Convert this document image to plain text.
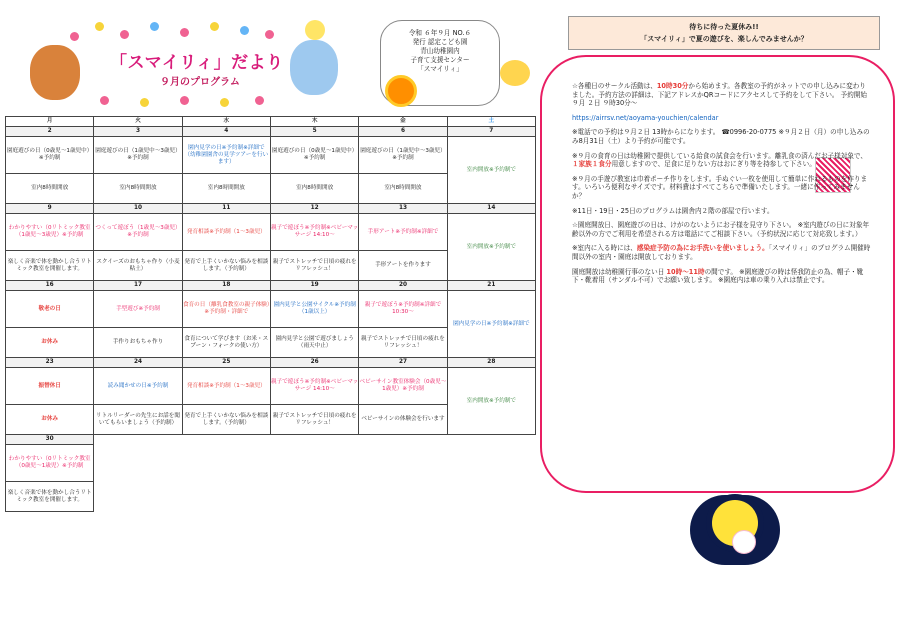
「スマイリィ」だより
９月のプログラム
令和 ６年９月 NO.６
発行 認定こども園
青山幼稚園内
子育て支援センター
「スマイリィ」
月	火	水	木	金	土
2	3	4	5	6	7
園庭遊びの日（0歳児〜1歳児中）※予約制	園庭遊びの日（1歳児中〜3歳児）※予約制	園内見学の日※予約制※詳細で（幼稚園園舎の見学ツアーを行います）	園庭遊びの日（0歳児〜1歳児中）※予約制	園庭遊びの日（1歳児中〜3歳児）※予約制	室内開放※予約制で
室内8時間開放	室内8時間開放	室内8時間開放	室内8時間開放	室内8時間開放	
9	10	11	12	13	14
わかりやすい（0リトミック教室（1歳児〜3歳児）※予約制	つくって遊ぼう（1歳児〜3歳児）※予約制	発育相談※予約制（1〜3歳児）	親子で遊ぼう※予約制※ベビーマッサージ 14:10〜	手形アート※予約制※詳細で	室内開放※予約制で
楽しく音楽で体を動かし合うリトミック教室を開催します。	スクイーズのおもちゃ作り（小麦粘土）	発育で上手くいかない悩みを相談します。（予約制）	親子でストレッチで日頃の疲れをリフレッシュ！	手形アートを作ります	
16	17	18	19	20	21
敬老の日	手型遊び※予約制	食育の日（離乳食教室の親子体験）※予約制・詳細で	園内見学と公園サイクル※予約制（1歳以上）	親子で遊ぼう※予約制※詳細で 10:30〜	園内見学の日※予約制※詳細で
お休み	手作りおもちゃ作り	食育について学びます（お米・スプーン・フォークの使い方）	園内見学と公園で遊びましょう（雨天中止）	親子でストレッチで日頃の疲れをリフレッシュ！	
23	24	25	26	27	28
振替休日	読み聞かせの日※予約制	発育相談※予約制（1〜3歳児）	親子で遊ぼう※予約制※ベビーマッサージ 14:10〜	ベビーサイン教室体験会（0歳児〜1歳児）※予約制	室内開放※予約制で
お休み	リトルリーダーの先生にお話を聞いてもらいましょう（予約制）	発育で上手くいかない悩みを相談します。（予約制）	親子でストレッチで日頃の疲れをリフレッシュ！	ベビーサインの体験会を行います	
30					
わかりやすい（0リトミック教室（0歳児〜1歳児）※予約制					
楽しく音楽で体を動かし合うリトミック教室を開催します。					
待ちに待った夏休み!!
「スマイリィ」で夏の遊びを、楽しんでみませんか？

☆各種日のサークル活動は、10時30分から始めます。各教室の予約がネットでの申し込みに変わりました。予約方法の詳細は、下記アドレスかQRコードにアクセスして予約をして下さい。 予約開始 ９月 ２日 ９時30分〜

https://airrsv.net/aoyama-youchien/calendar

※電話での予約は９月２日 13時からになります。 ☎0996-20-0775 ※９月２日（月）の申し込みのみ8月31日（土）より予約が可能です。

※９月の食育の日は幼稚園で提供している給食の試食会を行います。離乳食の済んだお子様対象で、１家族１食分用意しますので、足食に足りない方はおにぎり等を持参して下さい。

※９月の手遊び教室は巾着ポーチ作りをします。手ぬぐい一枚を使用して簡単に作れるものを作ります。いろいろ便利なサイズです。材料費はすべてこちらで準備いたします。一緒に作ってみませんか？

※11日・19日・25日のプログラムは園舎内２階の部屋で行います。

☆園庭開放日、園庭遊びの日は、けがのないようにお子様を見守り下さい。 ※室内遊びの日に対象年齢以外の方でご利用を希望される方は電話にてご相談下さい。（予約状況に応じて対応致します。）

※室内に入る時には、感染症予防の為にお手洗いを使いましょう。「スマイリィ」のプログラム開催時間以外の室内・園庭は開放しております。

園庭開放は幼稚園行事のない日 10時〜11時の間です。 ※園庭遊びの時は怪我防止の為、帽子・靴下・靴着用（サンダル不可）でお願い致します。 ※園庭内は車の乗り入れは禁止です。
